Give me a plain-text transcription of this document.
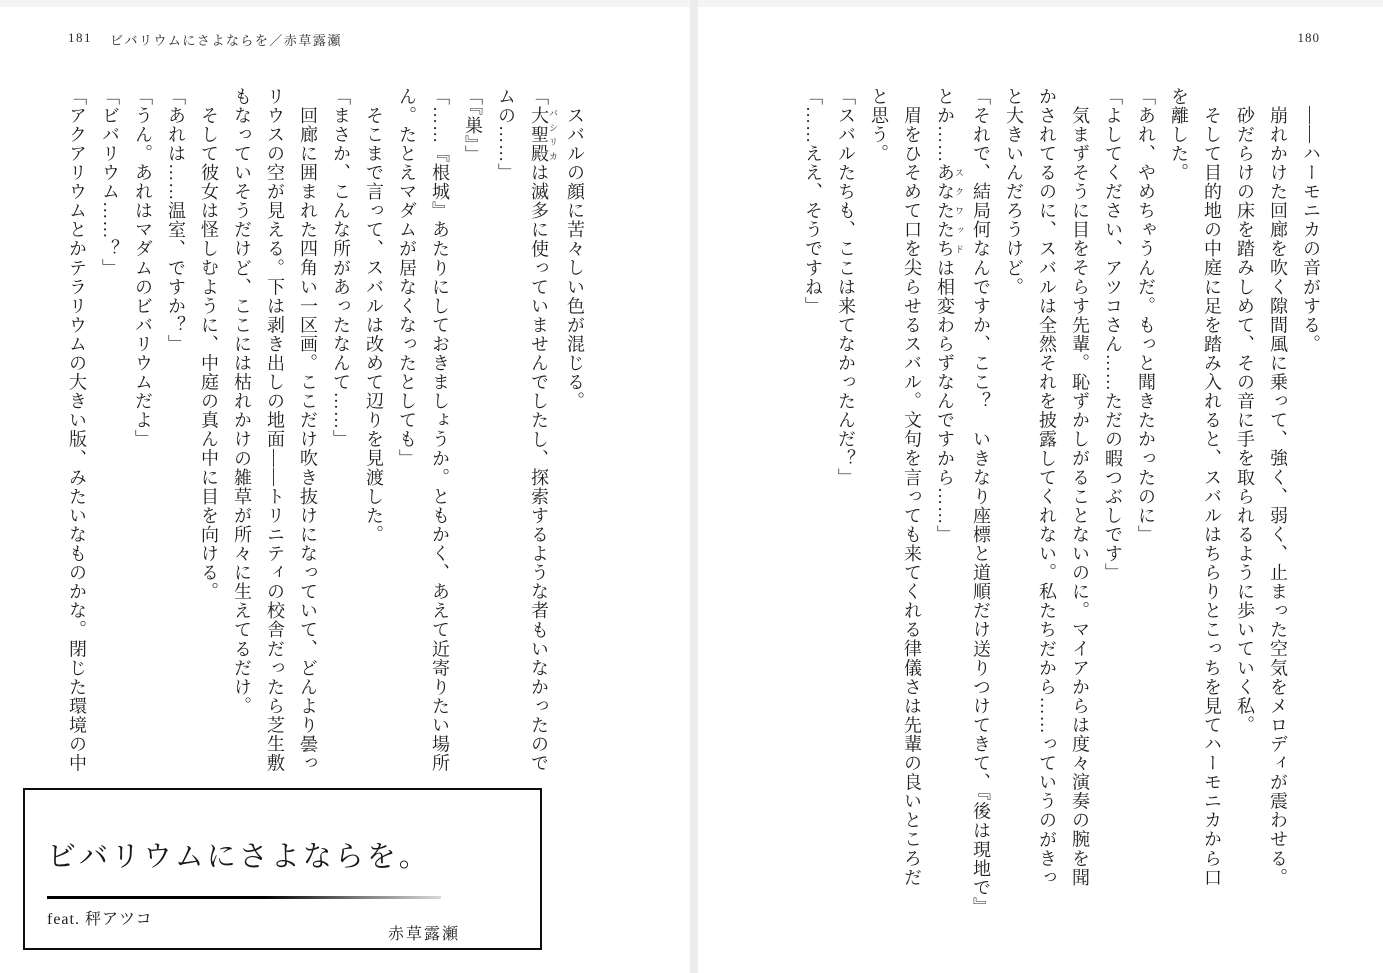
181 ビバリウムにさよならを／赤草露瀬	180
――ハーモニカの音がする。
崩れかけた回廊を吹く隙間風に乗って、強く、弱く、止まった空気をメロディが震わせる。
砂だらけの床を踏みしめて、その音に手を取られるように歩いていく私。
そして目的地の中庭に足を踏み入れると、スバルはちらりとこっちを見てハーモニカから口
を離した。
「あれ、やめちゃうんだ。もっと聞きたかったのに」
「よしてください、アツコさん……ただの暇つぶしです」
気まずそうに目をそらす先輩。恥ずかしがることないのに。マイアからは度々演奏の腕を聞
かされてるのに、スバルは全然それを披露してくれない。私たちだから……っていうのがきっ
と大きいんだろうけど。
「それで、結局何なんですか、ここ？　いきなり座標と道順だけ送りつけてきて、『後は現地で』
とか……あなたたち スクワッドは相変わらずなんですから……」
眉をひそめて口を尖らせるスバル。文句を言っても来てくれる律儀さは先輩の良いところだ
と思う。
「スバルたちも、ここは来てなかったんだ？」
「……ええ、そうですね」
スバルの顔に苦々しい色が混じる。
「大聖殿 バシリカは滅多に使っていませんでしたし、探索するような者もいなかったので
ムの……」
「『巣』」
「……『根城』あたりにしておきましょうか。ともかく、あえて近寄りたい場所
ん。たとえマダムが居なくなったとしても」
そこまで言って、スバルは改めて辺りを見渡した。
「まさか、こんな所があったなんて……」
回廊に囲まれた四角い一区画。ここだけ吹き抜けになっていて、どんより曇っ
リウスの空が見える。下は剥き出しの地面――トリニティの校舎だったら芝生敷
もなっていそうだけど、ここには枯れかけの雑草が所々に生えてるだけ。
そして彼女は怪しむように、中庭の真ん中に目を向ける。
「あれは……温室、ですか？」
「うん。あれはマダムのビバリウムだよ」
「ビバリウム……？」
「アクアリウムとかテラリウムの大きい版、みたいなものかな。閉じた環境の中
ビバリウムにさよならを。
feat. 秤アツコ
赤草露瀬
